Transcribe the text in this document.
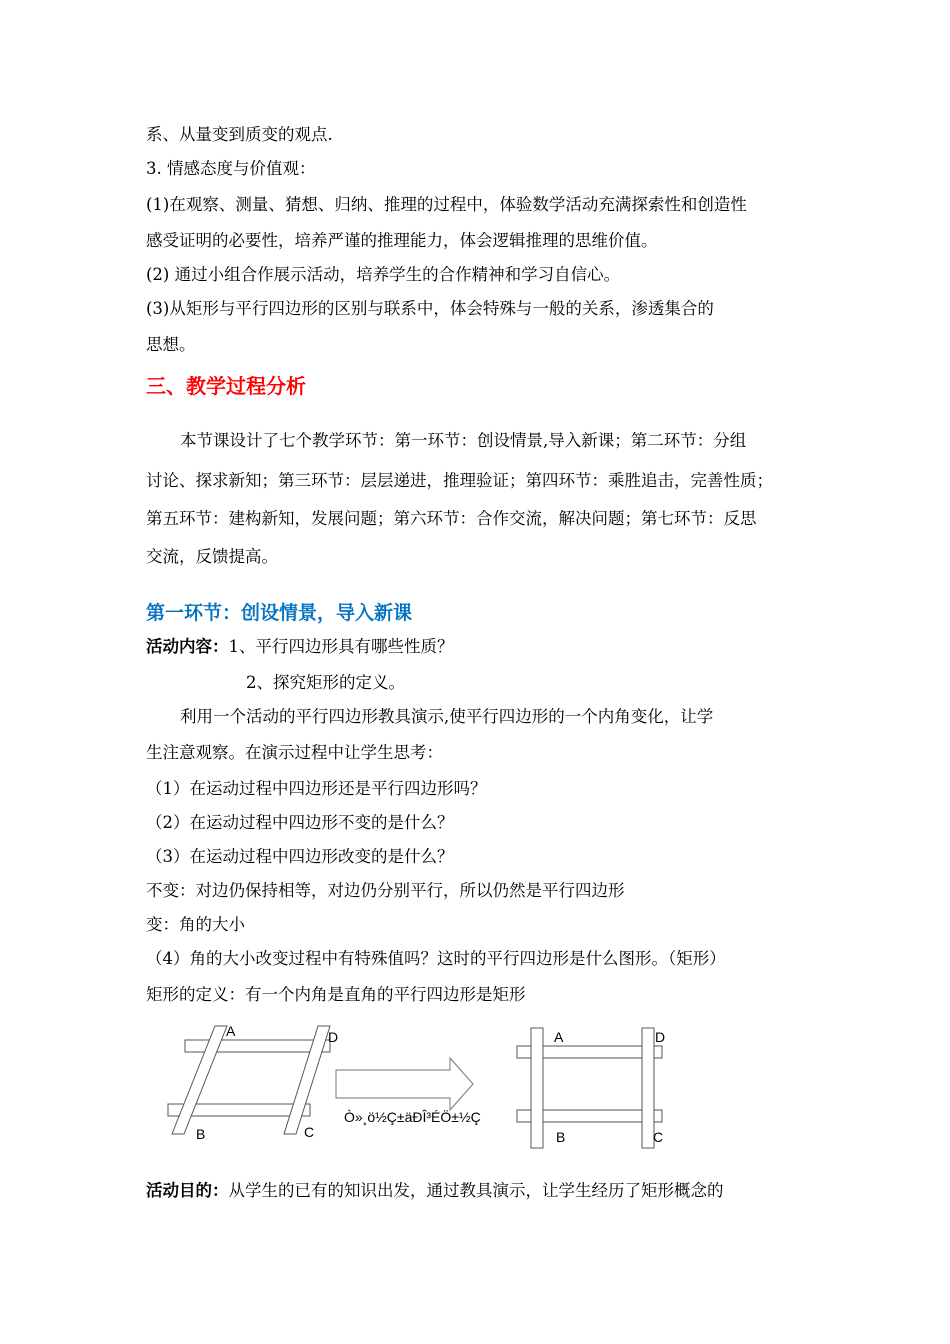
系、从量变到质变的观点.
3. 情感态度与价值观：
(1)在观察、测量、猜想、归纳、推理的过程中，体验数学活动充满探索性和创造性
感受证明的必要性，培养严谨的推理能力，体会逻辑推理的思维价值。
(2) 通过小组合作展示活动，培养学生的合作精神和学习自信心。
(3)从矩形与平行四边形的区别与联系中，体会特殊与一般的关系，渗透集合的
思想。
三、教学过程分析
本节课设计了七个教学环节：第一环节：创设情景,导入新课；第二环节：分组
讨论、探求新知；第三环节：层层递进，推理验证；第四环节：乘胜追击，完善性质；
第五环节：建构新知，发展问题；第六环节：合作交流，解决问题；第七环节：反思
交流，反馈提高。
第一环节：创设情景，导入新课
活动内容：1、平行四边形具有哪些性质？
2、探究矩形的定义。
利用一个活动的平行四边形教具演示,使平行四边形的一个内角变化，让学
生注意观察。在演示过程中让学生思考：
（1）在运动过程中四边形还是平行四边形吗？
（2）在运动过程中四边形不变的是什么？
（3）在运动过程中四边形改变的是什么？
不变：对边仍保持相等，对边仍分别平行，所以仍然是平行四边形
变：角的大小
（4）角的大小改变过程中有特殊值吗？这时的平行四边形是什么图形。（矩形）
矩形的定义：有一个内角是直角的平行四边形是矩形
A	D
B	C
Ò»¸ö½Ç±äÐÎ³ÉÖ±½Ç
A	D
B	C
活动目的：从学生的已有的知识出发，通过教具演示，让学生经历了矩形概念的
